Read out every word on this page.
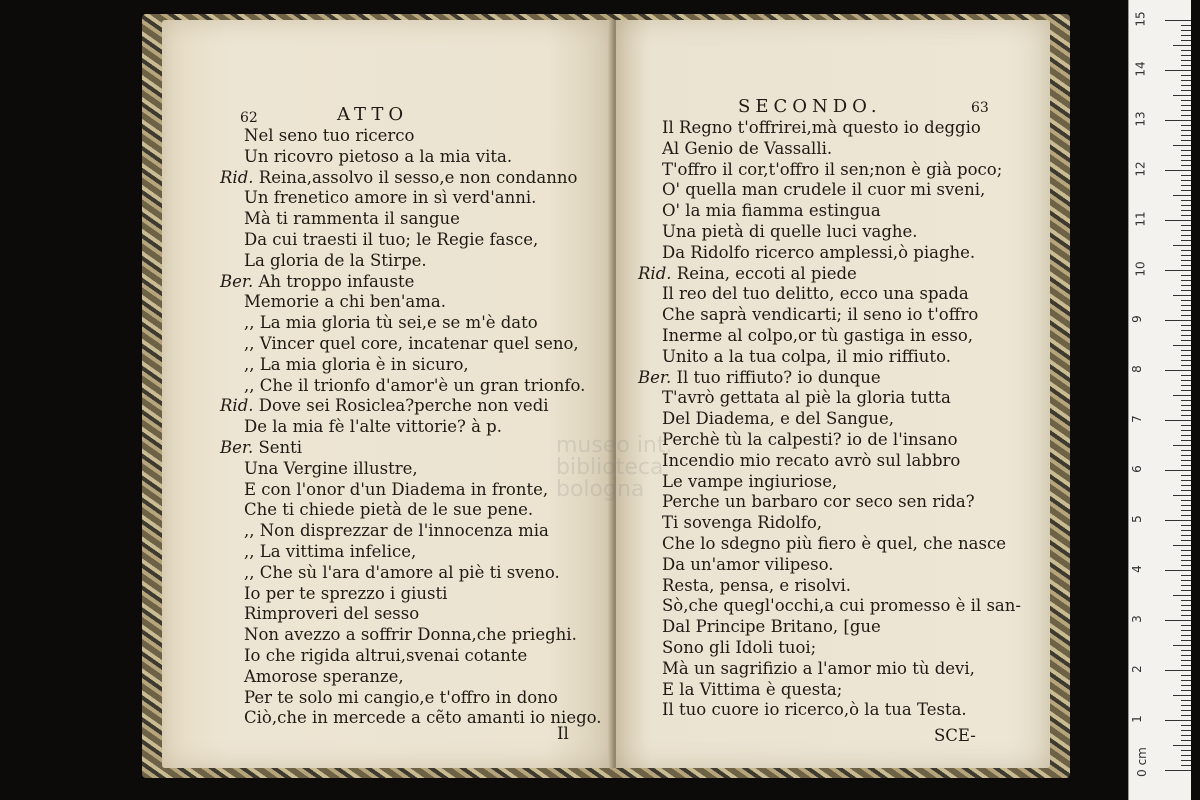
62	ATTO
Nel seno tuo ricerco
Un ricovro pietoso a la mia vita.
Rid. Reina,assolvo il sesso,e non condanno
Un frenetico amore in sì verd'anni.
Mà ti rammenta il sangue
Da cui traesti il tuo; le Regie fasce,
La gloria de la Stirpe.
Ber. Ah troppo infauste
Memorie a chi ben'ama.
,, La mia gloria tù sei,e se m'è dato
,, Vincer quel core, incatenar quel seno,
,, La mia gloria è in sicuro,
,, Che il trionfo d'amor'è un gran trionfo.
Rid. Dove sei Rosiclea?perche non vedi
De la mia fè l'alte vittorie? à p.
Ber. Senti
Una Vergine illustre,
E con l'onor d'un Diadema in fronte,
Che ti chiede pietà de le sue pene.
,, Non disprezzar de l'innocenza mia
,, La vittima infelice,
,, Che sù l'ara d'amore al piè ti sveno.
Io per te sprezzo i giusti
Rimproveri del sesso
Non avezzo a soffrir Donna,che prieghi.
Io che rigida altrui,svenai cotante
Amorose speranze,
Per te solo mi cangio,e t'offro in dono
Ciò,che in mercede a cẽto amanti io niego.
Il
SECONDO.	63
museo int.
biblioteca
bologna
Il Regno t'offrirei,mà questo io deggio
Al Genio de Vassalli.
T'offro il cor,t'offro il sen;non è già poco;
O' quella man crudele il cuor mi sveni,
O' la mia fiamma estingua
Una pietà di quelle luci vaghe.
Da Ridolfo ricerco amplessi,ò piaghe.
Rid. Reina, eccoti al piede
Il reo del tuo delitto, ecco una spada
Che saprà vendicarti; il seno io t'offro
Inerme al colpo,or tù gastiga in esso,
Unito a la tua colpa, il mio riffiuto.
Ber. Il tuo riffiuto? io dunque
T'avrò gettata al piè la gloria tutta
Del Diadema, e del Sangue,
Perchè tù la calpesti? io de l'insano
Incendio mio recato avrò sul labbro
Le vampe ingiuriose,
Perche un barbaro cor seco sen rida?
Ti sovenga Ridolfo,
Che lo sdegno più fiero è quel, che nasce
Da un'amor vilipeso.
Resta, pensa, e risolvi.
Sò,che quegl'occhi,a cui promesso è il san-
Dal Principe Britano, [gue
Sono gli Idoli tuoi;
Mà un sagrifizio a l'amor mio tù devi,
E la Vittima è questa;
Il tuo cuore io ricerco,ò la tua Testa.
SCE-
1
2
3
4
5
6
7
8
9
10
11
12
13
14
15
0 cm
